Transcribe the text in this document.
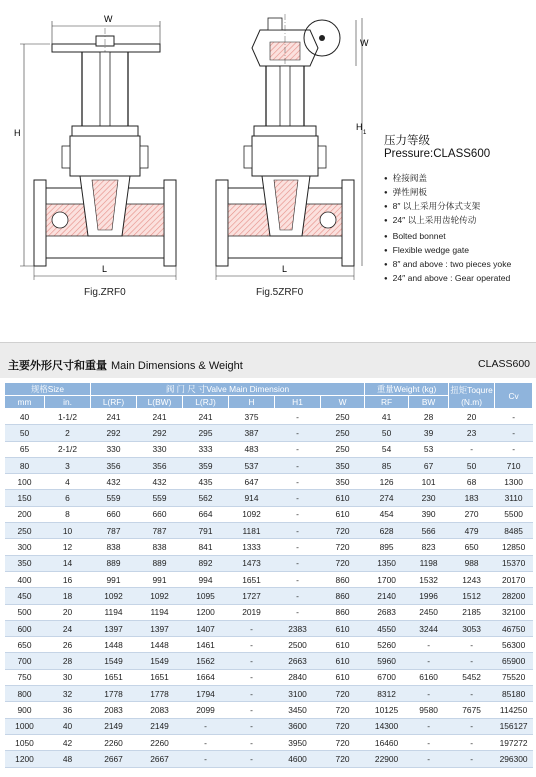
W
H
L
W
H
1
L
Fig.ZRF0	Fig.5ZRF0
压力等级Pressure:CLASS600
● 栓接阀盖
● 弹性闸板
● 8″ 以上采用分体式支架
● 24″ 以上采用齿轮传动
● Bolted bonnet
● Flexible wedge gate
● 8″ and above : two pieces yoke
● 24″ and above : Gear operated
主要外形尺寸和重量 Main Dimensions & Weight	CLASS600
规格Size		阀 门 尺 寸Valve Main Dimension						重量Weight (kg)		扭矩Toqure (N.m)	Cv
mm	in.	L(RF)	L(BW)	L(RJ)	H	H1	W	RF	BW		
40	1-1/2	241	241	241	375	-	250	41	28	20	-
50	2	292	292	295	387	-	250	50	39	23	-
65	2-1/2	330	330	333	483	-	250	54	53	-	-
80	3	356	356	359	537	-	350	85	67	50	710
100	4	432	432	435	647	-	350	126	101	68	1300
150	6	559	559	562	914	-	610	274	230	183	3110
200	8	660	660	664	1092	-	610	454	390	270	5500
250	10	787	787	791	1181	-	720	628	566	479	8485
300	12	838	838	841	1333	-	720	895	823	650	12850
350	14	889	889	892	1473	-	720	1350	1198	988	15370
400	16	991	991	994	1651	-	860	1700	1532	1243	20170
450	18	1092	1092	1095	1727	-	860	2140	1996	1512	28200
500	20	1194	1194	1200	2019	-	860	2683	2450	2185	32100
600	24	1397	1397	1407	-	2383	610	4550	3244	3053	46750
650	26	1448	1448	1461	-	2500	610	5260	-	-	56300
700	28	1549	1549	1562	-	2663	610	5960	-	-	65900
750	30	1651	1651	1664	-	2840	610	6700	6160	5452	75520
800	32	1778	1778	1794	-	3100	720	8312	-	-	85180
900	36	2083	2083	2099	-	3450	720	10125	9580	7675	114250
1000	40	2149	2149	-	-	3600	720	14300	-	-	156127
1050	42	2260	2260	-	-	3950	720	16460	-	-	197272
1200	48	2667	2667	-	-	4600	720	22900	-	-	296300
